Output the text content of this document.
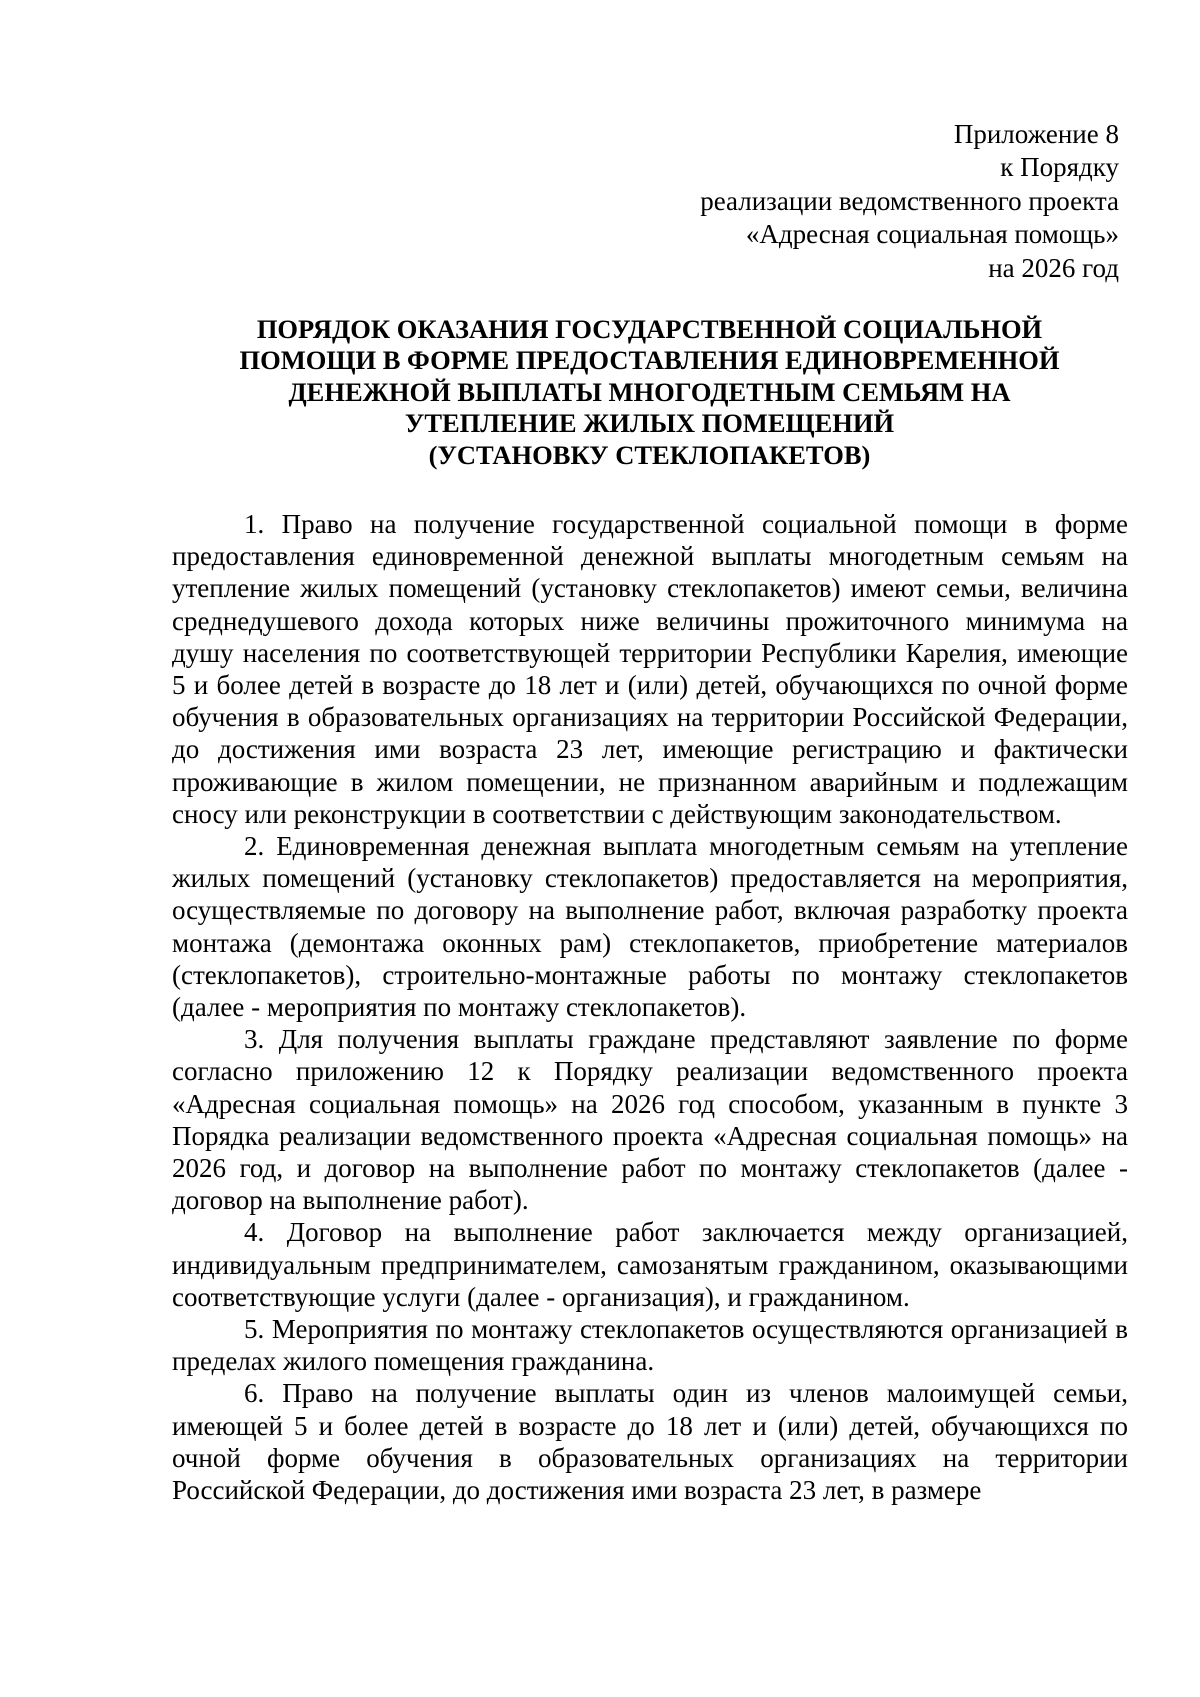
Приложение 8
к Порядку
реализации ведомственного проекта
«Адресная социальная помощь»
на 2026 год
ПОРЯДОК ОКАЗАНИЯ ГОСУДАРСТВЕННОЙ СОЦИАЛЬНОЙ
ПОМОЩИ В ФОРМЕ ПРЕДОСТАВЛЕНИЯ ЕДИНОВРЕМЕННОЙ
ДЕНЕЖНОЙ ВЫПЛАТЫ МНОГОДЕТНЫМ СЕМЬЯМ НА
УТЕПЛЕНИЕ ЖИЛЫХ ПОМЕЩЕНИЙ
(УСТАНОВКУ СТЕКЛОПАКЕТОВ)

1. Право на получение государственной социальной помощи в форме предоставления единовременной денежной выплаты многодетным семьям на утепление жилых помещений (установку стеклопакетов) имеют семьи, величина среднедушевого дохода которых ниже величины прожиточного минимума на душу населения по соответствующей территории Республики Карелия, имеющие 5 и более детей в возрасте до 18 лет и (или) детей, обучающихся по очной форме обучения в образовательных организациях на территории Российской Федерации, до достижения ими возраста 23 лет, имеющие регистрацию и фактически проживающие в жилом помещении, не признанном аварийным и подлежащим сносу или реконструкции в соответствии с действующим законодательством.

2. Единовременная денежная выплата многодетным семьям на утепление жилых помещений (установку стеклопакетов) предоставляется на мероприятия, осуществляемые по договору на выполнение работ, включая разработку проекта монтажа (демонтажа оконных рам) стеклопакетов, приобретение материалов (стеклопакетов), строительно-монтажные работы по монтажу стеклопакетов (далее - мероприятия по монтажу стеклопакетов).

3. Для получения выплаты граждане представляют заявление по форме согласно приложению 12 к Порядку реализации ведомственного проекта «Адресная социальная помощь» на 2026 год способом, указанным в пункте 3 Порядка реализации ведомственного проекта «Адресная социальная помощь» на 2026 год, и договор на выполнение работ по монтажу стеклопакетов (далее - договор на выполнение работ).

4. Договор на выполнение работ заключается между организацией, индивидуальным предпринимателем, самозанятым гражданином, оказывающими соответствующие услуги (далее - организация), и гражданином.

5. Мероприятия по монтажу стеклопакетов осуществляются организацией в пределах жилого помещения гражданина.

6. Право на получение выплаты один из членов малоимущей семьи, имеющей 5 и более детей в возрасте до 18 лет и (или) детей, обучающихся по очной форме обучения в образовательных организациях на территории Российской Федерации, до достижения ими возраста 23 лет, в размере
